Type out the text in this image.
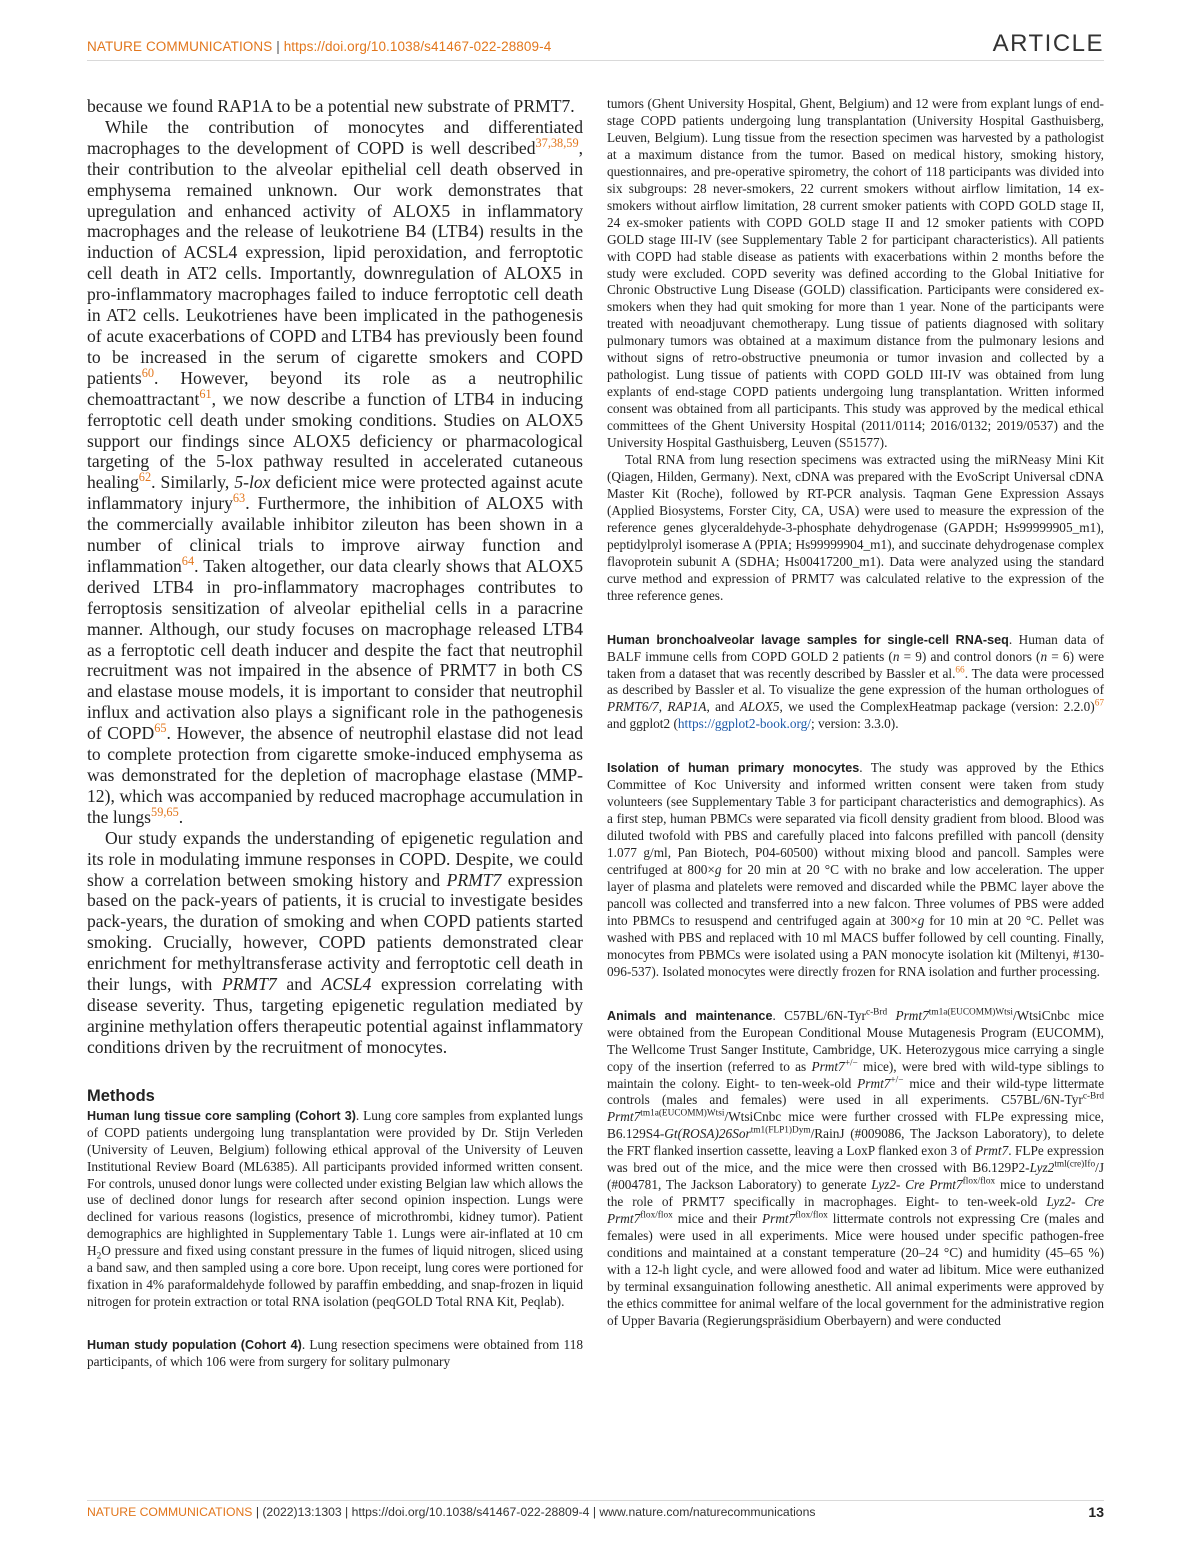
NATURE COMMUNICATIONS | https://doi.org/10.1038/s41467-022-28809-4	ARTICLE

because we found RAP1A to be a potential new substrate of PRMT7.

While the contribution of monocytes and differentiated macrophages to the development of COPD is well described$^{37,38,59}$, their contribution to the alveolar epithelial cell death observed in emphysema remained unknown. Our work demonstrates that upregulation and enhanced activity of ALOX5 in inflammatory macrophages and the release of leukotriene B4 (LTB4) results in the induction of ACSL4 expression, lipid peroxidation, and ferroptotic cell death in AT2 cells. Importantly, downregulation of ALOX5 in pro-inflammatory macrophages failed to induce ferroptotic cell death in AT2 cells. Leukotrienes have been implicated in the pathogenesis of acute exacerbations of COPD and LTB4 has previously been found to be increased in the serum of cigarette smokers and COPD patients$^{60}$. However, beyond its role as a neutrophilic chemoattractant$^{61}$, we now describe a function of LTB4 in inducing ferroptotic cell death under smoking conditions. Studies on ALOX5 support our findings since ALOX5 deficiency or pharmacological targeting of the 5-lox pathway resulted in accelerated cutaneous healing$^{62}$. Similarly, 5-lox deficient mice were protected against acute inflammatory injury$^{63}$. Furthermore, the inhibition of ALOX5 with the commercially available inhibitor zileuton has been shown in a number of clinical trials to improve airway function and inflammation$^{64}$. Taken altogether, our data clearly shows that ALOX5 derived LTB4 in pro-inflammatory macrophages contributes to ferroptosis sensitization of alveolar epithelial cells in a paracrine manner. Although, our study focuses on macrophage released LTB4 as a ferroptotic cell death inducer and despite the fact that neutrophil recruitment was not impaired in the absence of PRMT7 in both CS and elastase mouse models, it is important to consider that neutrophil influx and activation also plays a significant role in the pathogenesis of COPD$^{65}$. However, the absence of neutrophil elastase did not lead to complete protection from cigarette smoke-induced emphysema as was demonstrated for the depletion of macrophage elastase (MMP-12), which was accompanied by reduced macrophage accumulation in the lungs$^{59,65}$.

Our study expands the understanding of epigenetic regulation and its role in modulating immune responses in COPD. Despite, we could show a correlation between smoking history and PRMT7 expression based on the pack-years of patients, it is crucial to investigate besides pack-years, the duration of smoking and when COPD patients started smoking. Crucially, however, COPD patients demonstrated clear enrichment for methyltransferase activity and ferroptotic cell death in their lungs, with PRMT7 and ACSL4 expression correlating with disease severity. Thus, targeting epigenetic regulation mediated by arginine methylation offers therapeutic potential against inflammatory conditions driven by the recruitment of monocytes.

Methods

Human lung tissue core sampling (Cohort 3). Lung core samples from explanted lungs of COPD patients undergoing lung transplantation were provided by Dr. Stijn Verleden (University of Leuven, Belgium) following ethical approval of the University of Leuven Institutional Review Board (ML6385). All participants provided informed written consent. For controls, unused donor lungs were collected under existing Belgian law which allows the use of declined donor lungs for research after second opinion inspection. Lungs were declined for various reasons (logistics, presence of microthrombi, kidney tumor). Patient demographics are highlighted in Supplementary Table 1. Lungs were air-inflated at 10 cm $H_2O$ pressure and fixed using constant pressure in the fumes of liquid nitrogen, sliced using a band saw, and then sampled using a core bore. Upon receipt, lung cores were portioned for fixation in 4% paraformaldehyde followed by paraffin embedding, and snap-frozen in liquid nitrogen for protein extraction or total RNA isolation (peqGOLD Total RNA Kit, Peqlab).

Human study population (Cohort 4). Lung resection specimens were obtained from 118 participants, of which 106 were from surgery for solitary pulmonary

tumors (Ghent University Hospital, Ghent, Belgium) and 12 were from explant lungs of end-stage COPD patients undergoing lung transplantation (University Hospital Gasthuisberg, Leuven, Belgium). Lung tissue from the resection specimen was harvested by a pathologist at a maximum distance from the tumor. Based on medical history, smoking history, questionnaires, and pre-operative spirometry, the cohort of 118 participants was divided into six subgroups: 28 never-smokers, 22 current smokers without airflow limitation, 14 ex-smokers without airflow limitation, 28 current smoker patients with COPD GOLD stage II, 24 ex-smoker patients with COPD GOLD stage II and 12 smoker patients with COPD GOLD stage III-IV (see Supplementary Table 2 for participant characteristics). All patients with COPD had stable disease as patients with exacerbations within 2 months before the study were excluded. COPD severity was defined according to the Global Initiative for Chronic Obstructive Lung Disease (GOLD) classification. Participants were considered ex-smokers when they had quit smoking for more than 1 year. None of the participants were treated with neoadjuvant chemotherapy. Lung tissue of patients diagnosed with solitary pulmonary tumors was obtained at a maximum distance from the pulmonary lesions and without signs of retro-obstructive pneumonia or tumor invasion and collected by a pathologist. Lung tissue of patients with COPD GOLD III-IV was obtained from lung explants of end-stage COPD patients undergoing lung transplantation. Written informed consent was obtained from all participants. This study was approved by the medical ethical committees of the Ghent University Hospital (2011/0114; 2016/0132; 2019/0537) and the University Hospital Gasthuisberg, Leuven (S51577).

Total RNA from lung resection specimens was extracted using the miRNeasy Mini Kit (Qiagen, Hilden, Germany). Next, cDNA was prepared with the EvoScript Universal cDNA Master Kit (Roche), followed by RT-PCR analysis. Taqman Gene Expression Assays (Applied Biosystems, Forster City, CA, USA) were used to measure the expression of the reference genes glyceraldehyde-3-phosphate dehydrogenase (GAPDH; Hs99999905_m1), peptidylprolyl isomerase A (PPIA; Hs99999904_m1), and succinate dehydrogenase complex flavoprotein subunit A (SDHA; Hs00417200_m1). Data were analyzed using the standard curve method and expression of PRMT7 was calculated relative to the expression of the three reference genes.

Human bronchoalveolar lavage samples for single-cell RNA-seq. Human data of BALF immune cells from COPD GOLD 2 patients (n = 9) and control donors (n = 6) were taken from a dataset that was recently described by Bassler et al.$^{66}$. The data were processed as described by Bassler et al. To visualize the gene expression of the human orthologues of PRMT6/7, RAP1A, and ALOX5, we used the ComplexHeatmap package (version: 2.2.0)$^{67}$ and ggplot2 (https://ggplot2-book.org/; version: 3.3.0).

Isolation of human primary monocytes. The study was approved by the Ethics Committee of Koc University and informed written consent were taken from study volunteers (see Supplementary Table 3 for participant characteristics and demographics). As a first step, human PBMCs were separated via ficoll density gradient from blood. Blood was diluted twofold with PBS and carefully placed into falcons prefilled with pancoll (density 1.077 g/ml, Pan Biotech, P04-60500) without mixing blood and pancoll. Samples were centrifuged at 800×g for 20 min at 20 °C with no brake and low acceleration. The upper layer of plasma and platelets were removed and discarded while the PBMC layer above the pancoll was collected and transferred into a new falcon. Three volumes of PBS were added into PBMCs to resuspend and centrifuged again at 300×g for 10 min at 20 °C. Pellet was washed with PBS and replaced with 10 ml MACS buffer followed by cell counting. Finally, monocytes from PBMCs were isolated using a PAN monocyte isolation kit (Miltenyi, #130-096-537). Isolated monocytes were directly frozen for RNA isolation and further processing.

Animals and maintenance. C57BL/6N-Tyr$^{c-Brd}$ $Prmt7^{tm1a(EUCOMM)Wtsi}$/WtsiCnbc mice were obtained from the European Conditional Mouse Mutagenesis Program (EUCOMM), The Wellcome Trust Sanger Institute, Cambridge, UK. Heterozygous mice carrying a single copy of the insertion (referred to as Prmt7+/− mice), were bred with wild-type siblings to maintain the colony. Eight- to ten-week-old Prmt7+/− mice and their wild-type littermate controls (males and females) were used in all experiments. C57BL/6N-Tyr$^{c-Brd}$ $Prmt7^{tm1a(EUCOMM)Wtsi}$/WtsiCnbc mice were further crossed with FLPe expressing mice, B6.129S4-Gt(ROSA)26Sor$^{tm1(FLP1)Dym}$/RainJ (#009086, The Jackson Laboratory), to delete the FRT flanked insertion cassette, leaving a LoxP flanked exon 3 of Prmt7. FLPe expression was bred out of the mice, and the mice were then crossed with $B6.129P2-Lyz2^{tml(cre)Ifo}/J$ (#004781, The Jackson Laboratory) to generate Lyz2- Cre $Prmt7^{flox/flox}$ mice to understand the role of PRMT7 specifically in macrophages. Eight- to ten-week-old Lyz2- Cre $Prmt7^{flox/flox}$ mice and their $Prmt7^{flox/flox}$ littermate controls not expressing Cre (males and females) were used in all experiments. Mice were housed under specific pathogen-free conditions and maintained at a constant temperature (20–24 °C) and humidity (45–65 %) with a 12-h light cycle, and were allowed food and water ad libitum. Mice were euthanized by terminal exsanguination following anesthetic. All animal experiments were approved by the ethics committee for animal welfare of the local government for the administrative region of Upper Bavaria (Regierungspräsidium Oberbayern) and were conducted

NATURE COMMUNICATIONS | (2022)13:1303 | https://doi.org/10.1038/s41467-022-28809-4 | www.nature.com/naturecommunications	13
